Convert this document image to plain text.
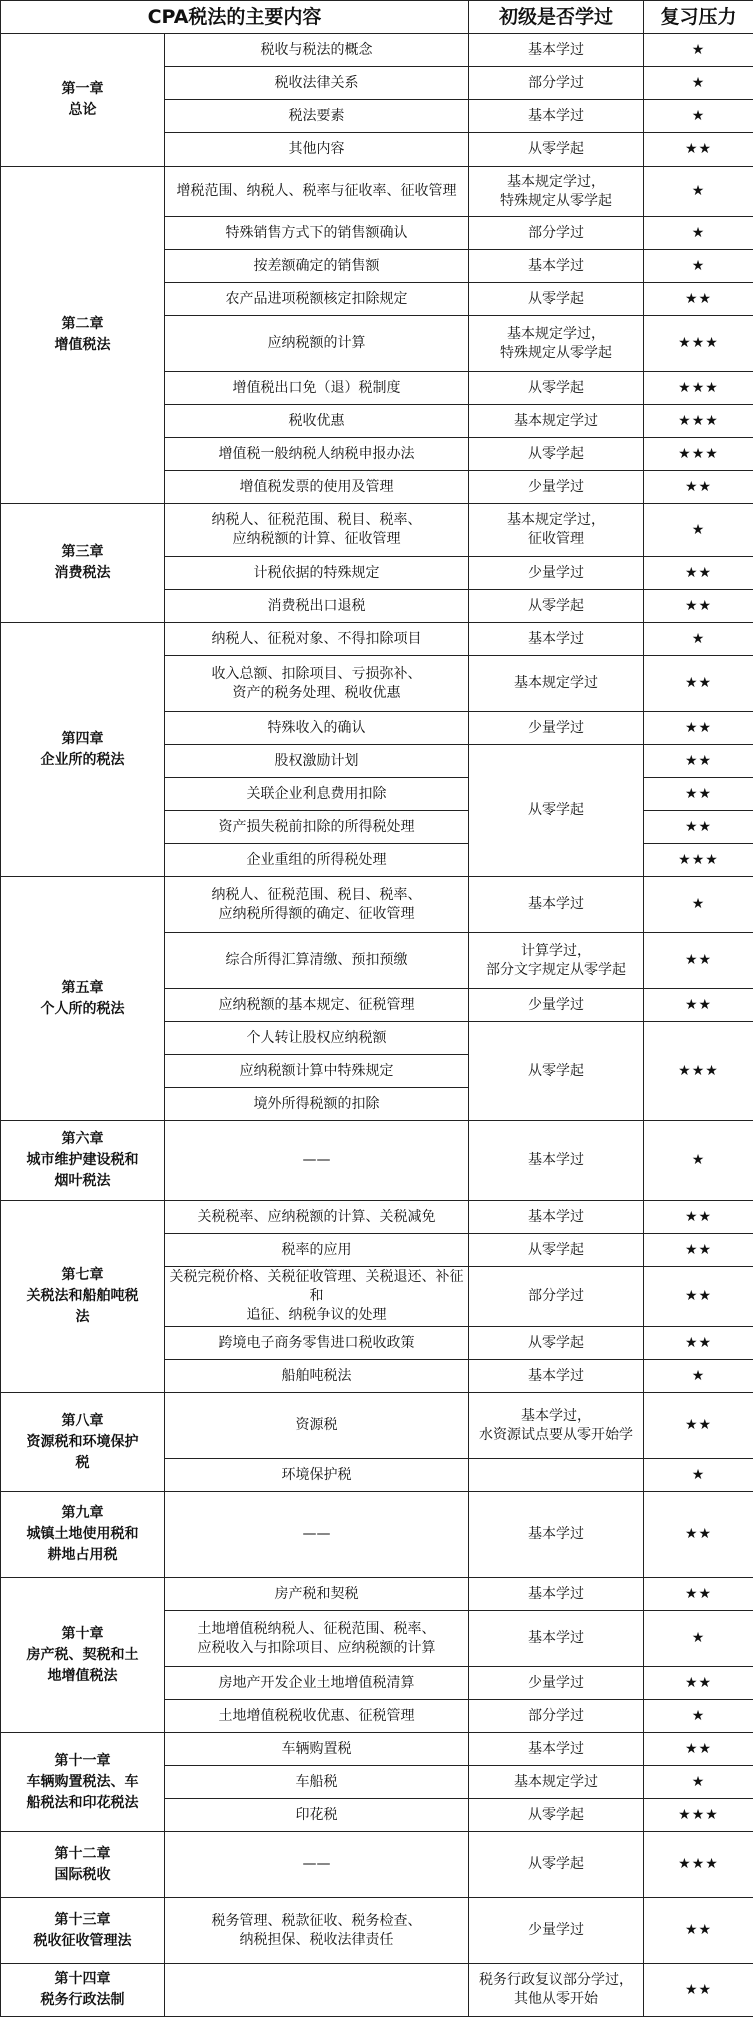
CPA税法的主要内容		初级是否学过	复习压力
第一章
总论	税收与税法的概念	基本学过	★
	税收法律关系	部分学过	★
	税法要素	基本学过	★
	其他内容	从零学起	★★
第二章
增值税法	增税范围、纳税人、税率与征收率、征收管理	基本规定学过，
特殊规定从零学起	★
	特殊销售方式下的销售额确认	部分学过	★
	按差额确定的销售额	基本学过	★
	农产品进项税额核定扣除规定	从零学起	★★
	应纳税额的计算	基本规定学过，
特殊规定从零学起	★★★
	增值税出口免（退）税制度	从零学起	★★★
	税收优惠	基本规定学过	★★★
	增值税一般纳税人纳税申报办法	从零学起	★★★
	增值税发票的使用及管理	少量学过	★★
第三章
消费税法	纳税人、征税范围、税目、税率、
应纳税额的计算、征收管理	基本规定学过，
征收管理	★
	计税依据的特殊规定	少量学过	★★
	消费税出口退税	从零学起	★★
第四章
企业所的税法	纳税人、征税对象、不得扣除项目	基本学过	★
	收入总额、扣除项目、亏损弥补、
资产的税务处理、税收优惠	基本规定学过	★★
	特殊收入的确认	少量学过	★★
	股权激励计划	从零学起	★★
	关联企业利息费用扣除		★★
	资产损失税前扣除的所得税处理		★★
	企业重组的所得税处理		★★★
第五章
个人所的税法	纳税人、征税范围、税目、税率、
应纳税所得额的确定、征收管理	基本学过	★
	综合所得汇算清缴、预扣预缴	计算学过，
部分文字规定从零学起	★★
	应纳税额的基本规定、征税管理	少量学过	★★
	个人转让股权应纳税额	从零学起	★★★
	应纳税额计算中特殊规定		
	境外所得税额的扣除		
第六章
城市维护建设税和
烟叶税法	——	基本学过	★
第七章
关税法和船舶吨税
法	关税税率、应纳税额的计算、关税减免	基本学过	★★
	税率的应用	从零学起	★★
	关税完税价格、关税征收管理、关税退还、补征和
追征、纳税争议的处理	部分学过	★★
	跨境电子商务零售进口税收政策	从零学起	★★
	船舶吨税法	基本学过	★
第八章
资源税和环境保护
税	资源税	基本学过，
水资源试点要从零开始学	★★
	环境保护税		★
第九章
城镇土地使用税和
耕地占用税	——	基本学过	★★
第十章
房产税、契税和土
地增值税法	房产税和契税	基本学过	★★
	土地增值税纳税人、征税范围、税率、
应税收入与扣除项目、应纳税额的计算	基本学过	★
	房地产开发企业土地增值税清算	少量学过	★★
	土地增值税税收优惠、征税管理	部分学过	★
第十一章
车辆购置税法、车
船税法和印花税法	车辆购置税	基本学过	★★
	车船税	基本规定学过	★
	印花税	从零学起	★★★
第十二章
国际税收	——	从零学起	★★★
第十三章
税收征收管理法	税务管理、税款征收、税务检查、
纳税担保、税收法律责任	少量学过	★★
第十四章
税务行政法制		税务行政复议部分学过，
其他从零开始	★★
